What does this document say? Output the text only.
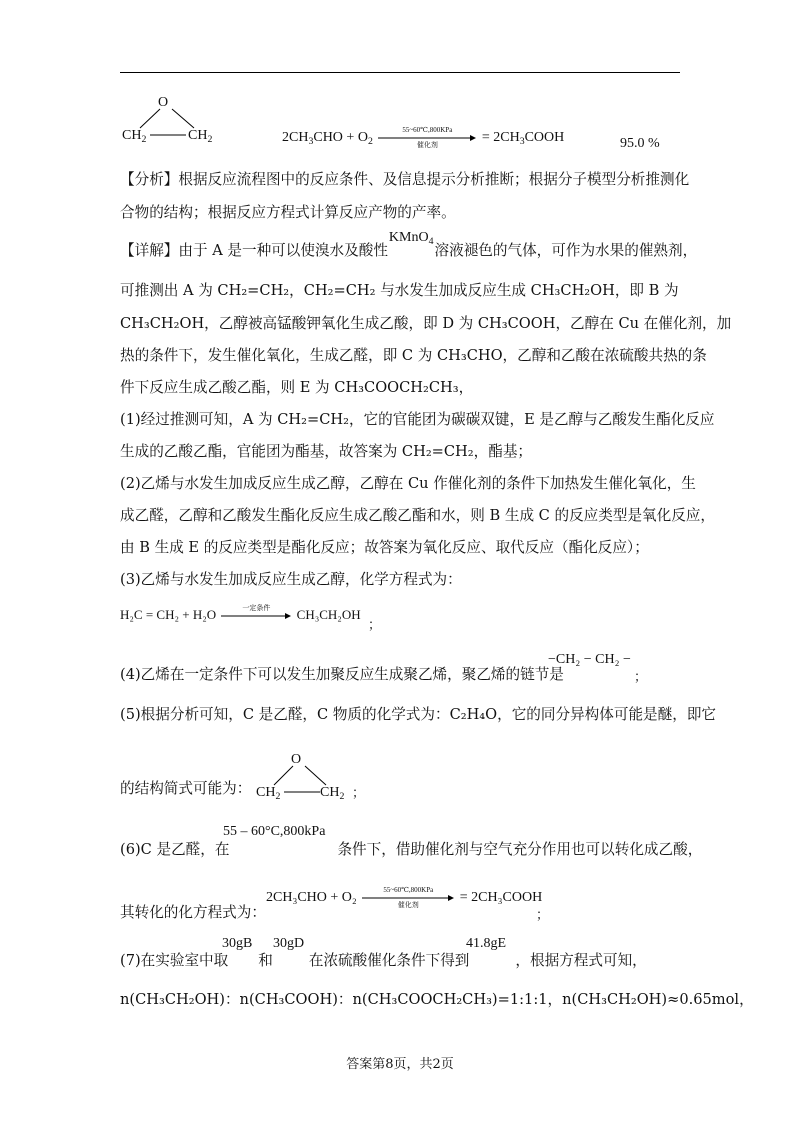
O
$CH_2$	$CH_2$	$2CH_3CHO + O_2$
55~60℃,800KPa
催化剂	= $2CH_3COOH$	95.0 %
【分析】根据反应流程图中的反应条件、及信息提示分析推断；根据分子模型分析推测化
合物的结构；根据反应方程式计算反应产物的产率。
【详解】由于 A 是一种可以使溴水及酸性KMnO$_4$溶液褪色的气体，可作为水果的催熟剂，
可推测出 A 为 CH₂=CH₂，CH₂=CH₂ 与水发生加成反应生成 CH₃CH₂OH，即 B 为
CH₃CH₂OH，乙醇被高锰酸钾氧化生成乙酸，即 D 为 CH₃COOH，乙醇在 Cu 在催化剂，加
热的条件下，发生催化氧化，生成乙醛，即 C 为 CH₃CHO，乙醇和乙酸在浓硫酸共热的条
件下反应生成乙酸乙酯，则 E 为 CH₃COOCH₂CH₃，
(1)经过推测可知，A 为 CH₂=CH₂，它的官能团为碳碳双键，E 是乙醇与乙酸发生酯化反应
生成的乙酸乙酯，官能团为酯基，故答案为 CH₂=CH₂，酯基；
(2)乙烯与水发生加成反应生成乙醇，乙醇在 Cu 作催化剂的条件下加热发生催化氧化，生
成乙醛，乙醇和乙酸发生酯化反应生成乙酸乙酯和水，则 B 生成 C 的反应类型是氧化反应，
由 B 生成 E 的反应类型是酯化反应；故答案为氧化反应、取代反应（酯化反应）；
(3)乙烯与水发生加成反应生成乙醇，化学方程式为：
H₂C = CH₂ + H₂O	一定条件
	CH₃CH₂OH
；
(4)乙烯在一定条件下可以发生加聚反应生成聚乙烯，聚乙烯的链节是
−CH₂ − CH₂ −
；
(5)根据分析可知，C 是乙醛，C 物质的化学式为：C₂H₄O，它的同分异构体可能是醚，即它
的结构简式可能为：
O
$CH_2$	$CH_2$ ；
55 – 60°C,800kPa
(6)C 是乙醛，在	条件下，借助催化剂与空气充分作用也可以转化成乙酸，
其转化的化方程式为：
2CH₃CHO + O₂
55~60℃,800KPa
催化剂	= 2CH₃COOH
；
30gB 30gD	41.8gE
(7)在实验室中取 和 在浓硫酸催化条件下得到	，根据方程式可知，
n(CH₃CH₂OH)：n(CH₃COOH)：n(CH₃COOCH₂CH₃)=1:1:1，n(CH₃CH₂OH)≈0.65mol，
答案第8页，共2页
